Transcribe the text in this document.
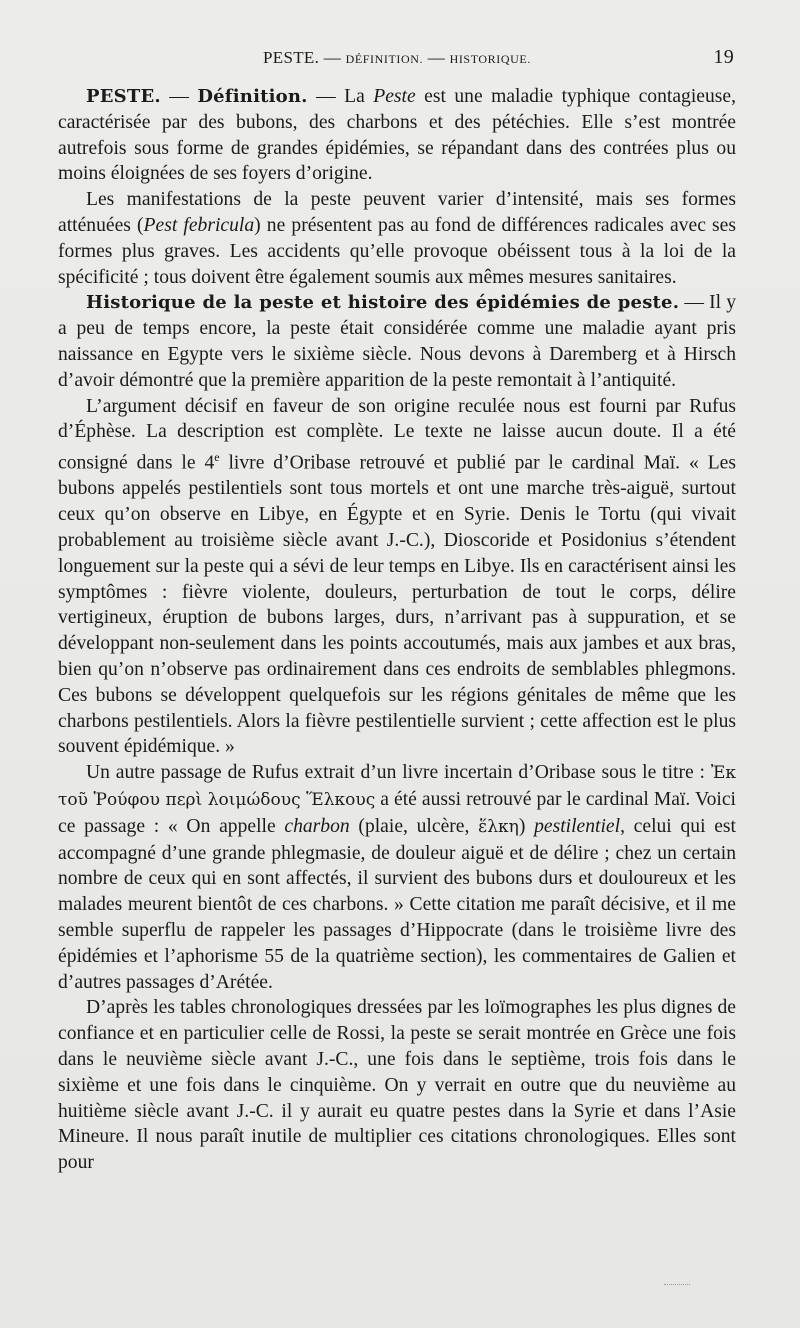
PESTE. — DÉFINITION. — HISTORIQUE.	19

PESTE. — Définition. — La Peste est une maladie typhique contagieuse, caractérisée par des bubons, des charbons et des pétéchies. Elle s’est montrée autrefois sous forme de grandes épidémies, se répandant dans des contrées plus ou moins éloignées de ses foyers d’origine.

Les manifestations de la peste peuvent varier d’intensité, mais ses formes atténuées (Pest febricula) ne présentent pas au fond de différences radicales avec ses formes plus graves. Les accidents qu’elle provoque obéissent tous à la loi de la spécificité ; tous doivent être également soumis aux mêmes mesures sanitaires.

Historique de la peste et histoire des épidémies de peste. — Il y a peu de temps encore, la peste était considérée comme une maladie ayant pris naissance en Egypte vers le sixième siècle. Nous devons à Daremberg et à Hirsch d’avoir démontré que la première apparition de la peste remontait à l’antiquité.

L’argument décisif en faveur de son origine reculée nous est fourni par Rufus d’Éphèse. La description est complète. Le texte ne laisse aucun doute. Il a été consigné dans le 4e livre d’Oribase retrouvé et publié par le cardinal Maï. « Les bubons appelés pestilentiels sont tous mortels et ont une marche très-aiguë, surtout ceux qu’on observe en Libye, en Égypte et en Syrie. Denis le Tortu (qui vivait probablement au troisième siècle avant J.-C.), Dioscoride et Posidonius s’étendent longuement sur la peste qui a sévi de leur temps en Libye. Ils en caractérisent ainsi les symptômes : fièvre violente, douleurs, perturbation de tout le corps, délire vertigineux, éruption de bubons larges, durs, n’arrivant pas à suppuration, et se développant non-seulement dans les points accoutumés, mais aux jambes et aux bras, bien qu’on n’observe pas ordinairement dans ces endroits de semblables phlegmons. Ces bubons se développent quelquefois sur les régions génitales de même que les charbons pestilentiels. Alors la fièvre pestilentielle survient ; cette affection est le plus souvent épidémique. »

Un autre passage de Rufus extrait d’un livre incertain d’Oribase sous le titre : Ἐκ τοῦ Ῥούφου περὶ λοιμώδους Ἕλκους a été aussi retrouvé par le cardinal Maï. Voici ce passage : « On appelle charbon (plaie, ulcère, ἕλκη) pestilentiel, celui qui est accompagné d’une grande phlegmasie, de douleur aiguë et de délire ; chez un certain nombre de ceux qui en sont affectés, il survient des bubons durs et douloureux et les malades meurent bientôt de ces charbons. » Cette citation me paraît décisive, et il me semble superflu de rappeler les passages d’Hippocrate (dans le troisième livre des épidémies et l’aphorisme 55 de la quatrième section), les commentaires de Galien et d’autres passages d’Arétée.

D’après les tables chronologiques dressées par les loïmographes les plus dignes de confiance et en particulier celle de Rossi, la peste se serait montrée en Grèce une fois dans le neuvième siècle avant J.-C., une fois dans le septième, trois fois dans le sixième et une fois dans le cinquième. On y verrait en outre que du neuvième au huitième siècle avant J.-C. il y aurait eu quatre pestes dans la Syrie et dans l’Asie Mineure. Il nous paraît inutile de multiplier ces citations chronologiques. Elles sont pour
